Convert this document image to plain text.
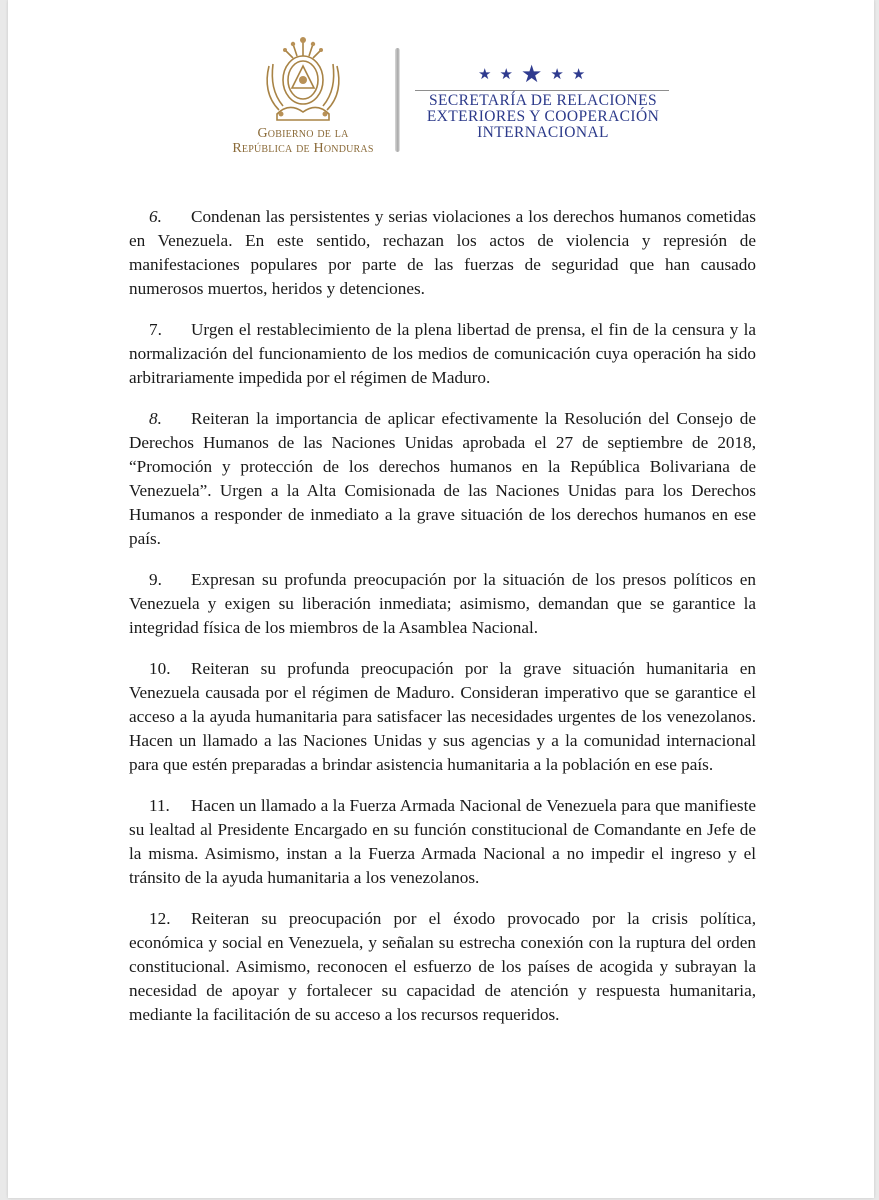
Gobierno de la
República de Honduras
★ ★ ★ ★ ★
SECRETARÍA DE RELACIONES
EXTERIORES Y COOPERACIÓN
INTERNACIONAL

6. Condenan las persistentes y serias violaciones a los derechos humanos cometidas en Venezuela. En este sentido, rechazan los actos de violencia y represión de manifestaciones populares por parte de las fuerzas de seguridad que han causado numerosos muertos, heridos y detenciones.

7. Urgen el restablecimiento de la plena libertad de prensa, el fin de la censura y la normalización del funcionamiento de los medios de comunicación cuya operación ha sido arbitrariamente impedida por el régimen de Maduro.

8. Reiteran la importancia de aplicar efectivamente la Resolución del Consejo de Derechos Humanos de las Naciones Unidas aprobada el 27 de septiembre de 2018, “Promoción y protección de los derechos humanos en la República Bolivariana de Venezuela”. Urgen a la Alta Comisionada de las Naciones Unidas para los Derechos Humanos a responder de inmediato a la grave situación de los derechos humanos en ese país.

9. Expresan su profunda preocupación por la situación de los presos políticos en Venezuela y exigen su liberación inmediata; asimismo, demandan que se garantice la integridad física de los miembros de la Asamblea Nacional.

10. Reiteran su profunda preocupación por la grave situación humanitaria en Venezuela causada por el régimen de Maduro. Consideran imperativo que se garantice el acceso a la ayuda humanitaria para satisfacer las necesidades urgentes de los venezolanos. Hacen un llamado a las Naciones Unidas y sus agencias y a la comunidad internacional para que estén preparadas a brindar asistencia humanitaria a la población en ese país.

11. Hacen un llamado a la Fuerza Armada Nacional de Venezuela para que manifieste su lealtad al Presidente Encargado en su función constitucional de Comandante en Jefe de la misma. Asimismo, instan a la Fuerza Armada Nacional a no impedir el ingreso y el tránsito de la ayuda humanitaria a los venezolanos.

12. Reiteran su preocupación por el éxodo provocado por la crisis política, económica y social en Venezuela, y señalan su estrecha conexión con la ruptura del orden constitucional. Asimismo, reconocen el esfuerzo de los países de acogida y subrayan la necesidad de apoyar y fortalecer su capacidad de atención y respuesta humanitaria, mediante la facilitación de su acceso a los recursos requeridos.
